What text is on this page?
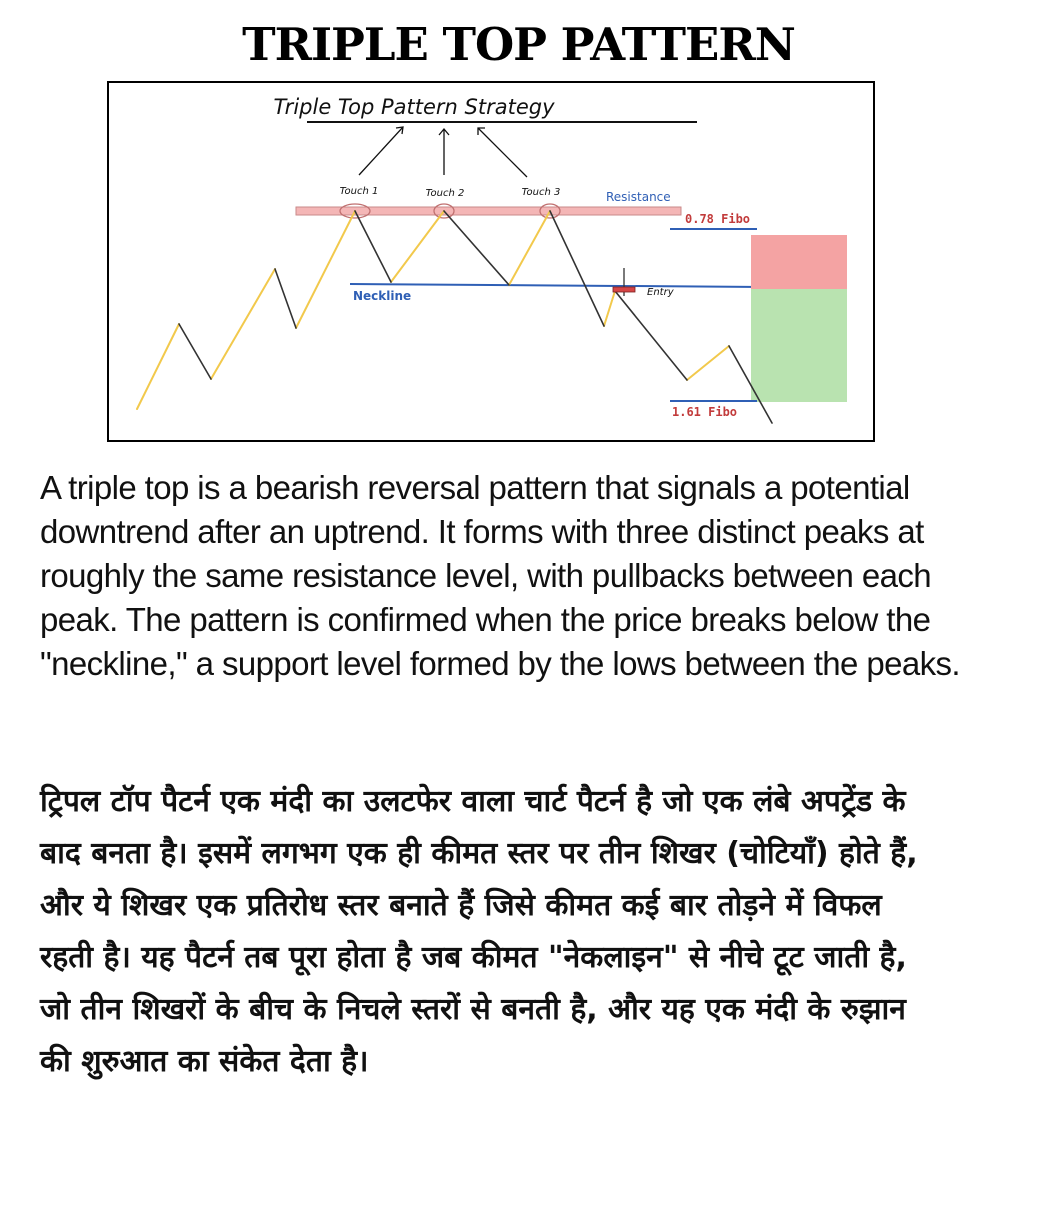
TRIPLE TOP PATTERN
Triple Top Pattern Strategy
Touch 1	Touch 2	Touch 3	Resistance
0.78 Fibo
Neckline	Entry
1.61 Fibo

A triple top is a bearish reversal pattern that signals a potential downtrend after an uptrend. It forms with three distinct peaks at roughly the same resistance level, with pullbacks between each peak. The pattern is confirmed when the price breaks below the "neckline," a support level formed by the lows between the peaks.

ट्रिपल टॉप पैटर्न एक मंदी का उलटफेर वाला चार्ट पैटर्न है जो एक लंबे अपट्रेंड के बाद बनता है। इसमें लगभग एक ही कीमत स्तर पर तीन शिखर (चोटियाँ) होते हैं, और ये शिखर एक प्रतिरोध स्तर बनाते हैं जिसे कीमत कई बार तोड़ने में विफल रहती है। यह पैटर्न तब पूरा होता है जब कीमत "नेकलाइन" से नीचे टूट जाती है, जो तीन शिखरों के बीच के निचले स्तरों से बनती है, और यह एक मंदी के रुझान की शुरुआत का संकेत देता है।
